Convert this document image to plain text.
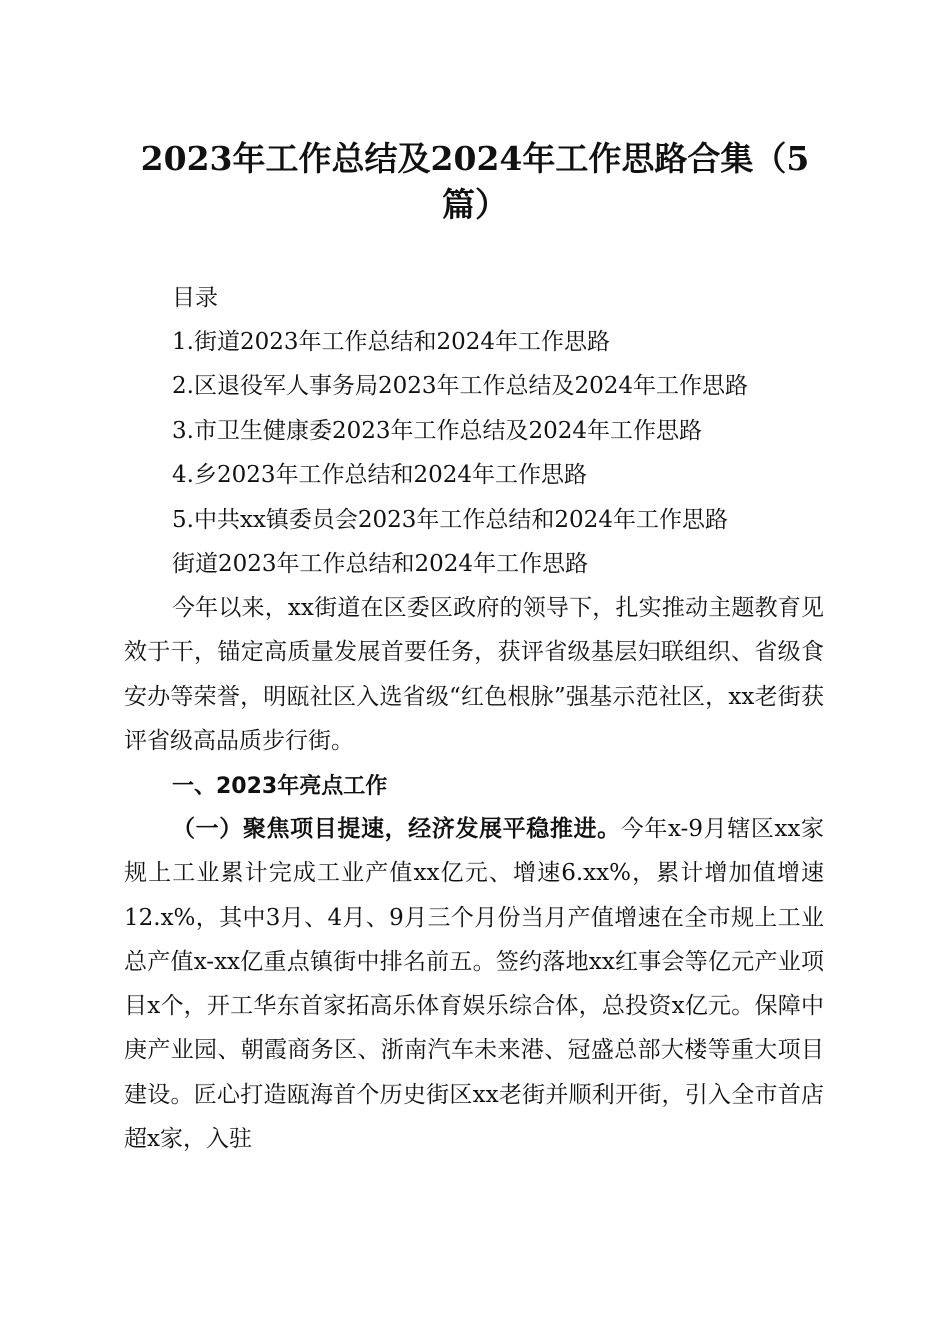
2023年工作总结及2024年工作思路合集（5篇）
目录
1.街道2023年工作总结和2024年工作思路
2.区退役军人事务局2023年工作总结及2024年工作思路
3.市卫生健康委2023年工作总结及2024年工作思路
4.乡2023年工作总结和2024年工作思路
5.中共xx镇委员会2023年工作总结和2024年工作思路
街道2023年工作总结和2024年工作思路

今年以来，xx街道在区委区政府的领导下，扎实推动主题教育见效于干，锚定高质量发展首要任务，获评省级基层妇联组织、省级食安办等荣誉，明瓯社区入选省级“红色根脉”强基示范社区，xx老街获评省级高品质步行街。

一、2023年亮点工作

（一）聚焦项目提速，经济发展平稳推进。今年x-9月辖区xx家规上工业累计完成工业产值xx亿元、增速6.xx%，累计增加值增速12.x%，其中3月、4月、9月三个月份当月产值增速在全市规上工业总产值x-xx亿重点镇街中排名前五。签约落地xx红事会等亿元产业项目x个，开工华东首家拓高乐体育娱乐综合体，总投资x亿元。保障中庚产业园、朝霞商务区、浙南汽车未来港、冠盛总部大楼等重大项目建设。匠心打造瓯海首个历史街区xx老街并顺利开街，引入全市首店超x家，入驻
